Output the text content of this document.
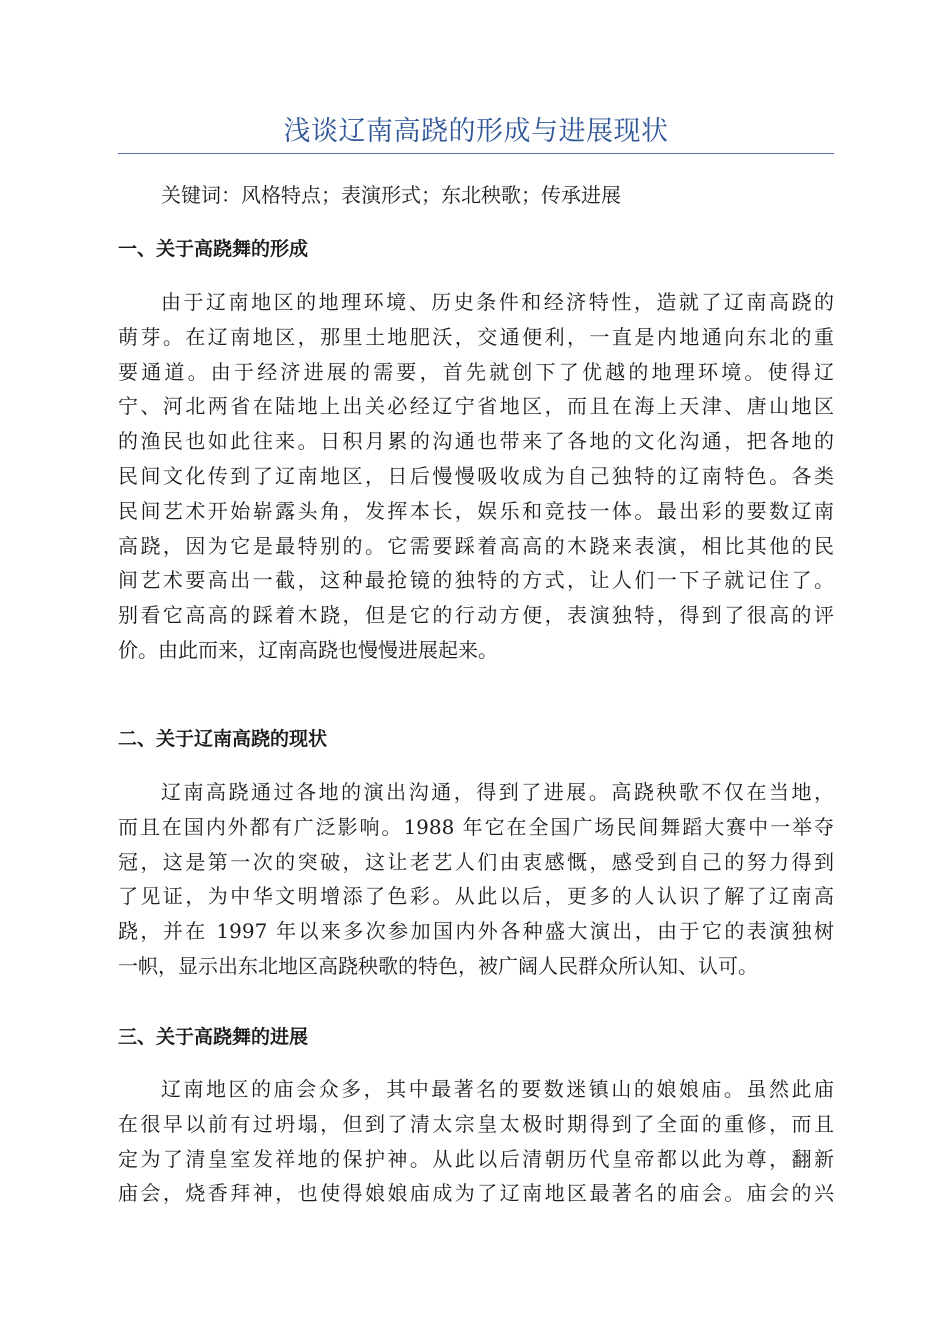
浅谈辽南高跷的形成与进展现状
关键词：风格特点；表演形式；东北秧歌；传承进展
一、关于高跷舞的形成
由于辽南地区的地理环境、历史条件和经济特性，造就了辽南高跷的
萌芽。在辽南地区，那里土地肥沃，交通便利，一直是内地通向东北的重
要通道。由于经济进展的需要，首先就创下了优越的地理环境。使得辽
宁、河北两省在陆地上出关必经辽宁省地区，而且在海上天津、唐山地区
的渔民也如此往来。日积月累的沟通也带来了各地的文化沟通，把各地的
民间文化传到了辽南地区，日后慢慢吸收成为自己独特的辽南特色。各类
民间艺术开始崭露头角，发挥本长，娱乐和竞技一体。最出彩的要数辽南
高跷，因为它是最特别的。它需要踩着高高的木跷来表演，相比其他的民
间艺术要高出一截，这种最抢镜的独特的方式，让人们一下子就记住了。
别看它高高的踩着木跷，但是它的行动方便，表演独特，得到了很高的评
价。由此而来，辽南高跷也慢慢进展起来。
二、关于辽南高跷的现状
辽南高跷通过各地的演出沟通，得到了进展。高跷秧歌不仅在当地，
而且在国内外都有广泛影响。1988 年它在全国广场民间舞蹈大赛中一举夺
冠，这是第一次的突破，这让老艺人们由衷感慨，感受到自己的努力得到
了见证，为中华文明增添了色彩。从此以后，更多的人认识了解了辽南高
跷，并在 1997 年以来多次参加国内外各种盛大演出，由于它的表演独树
一帜，显示出东北地区高跷秧歌的特色，被广阔人民群众所认知、认可。
三、关于高跷舞的进展
辽南地区的庙会众多，其中最著名的要数迷镇山的娘娘庙。虽然此庙
在很早以前有过坍塌，但到了清太宗皇太极时期得到了全面的重修，而且
定为了清皇室发祥地的保护神。从此以后清朝历代皇帝都以此为尊，翻新
庙会，烧香拜神，也使得娘娘庙成为了辽南地区最著名的庙会。庙会的兴
